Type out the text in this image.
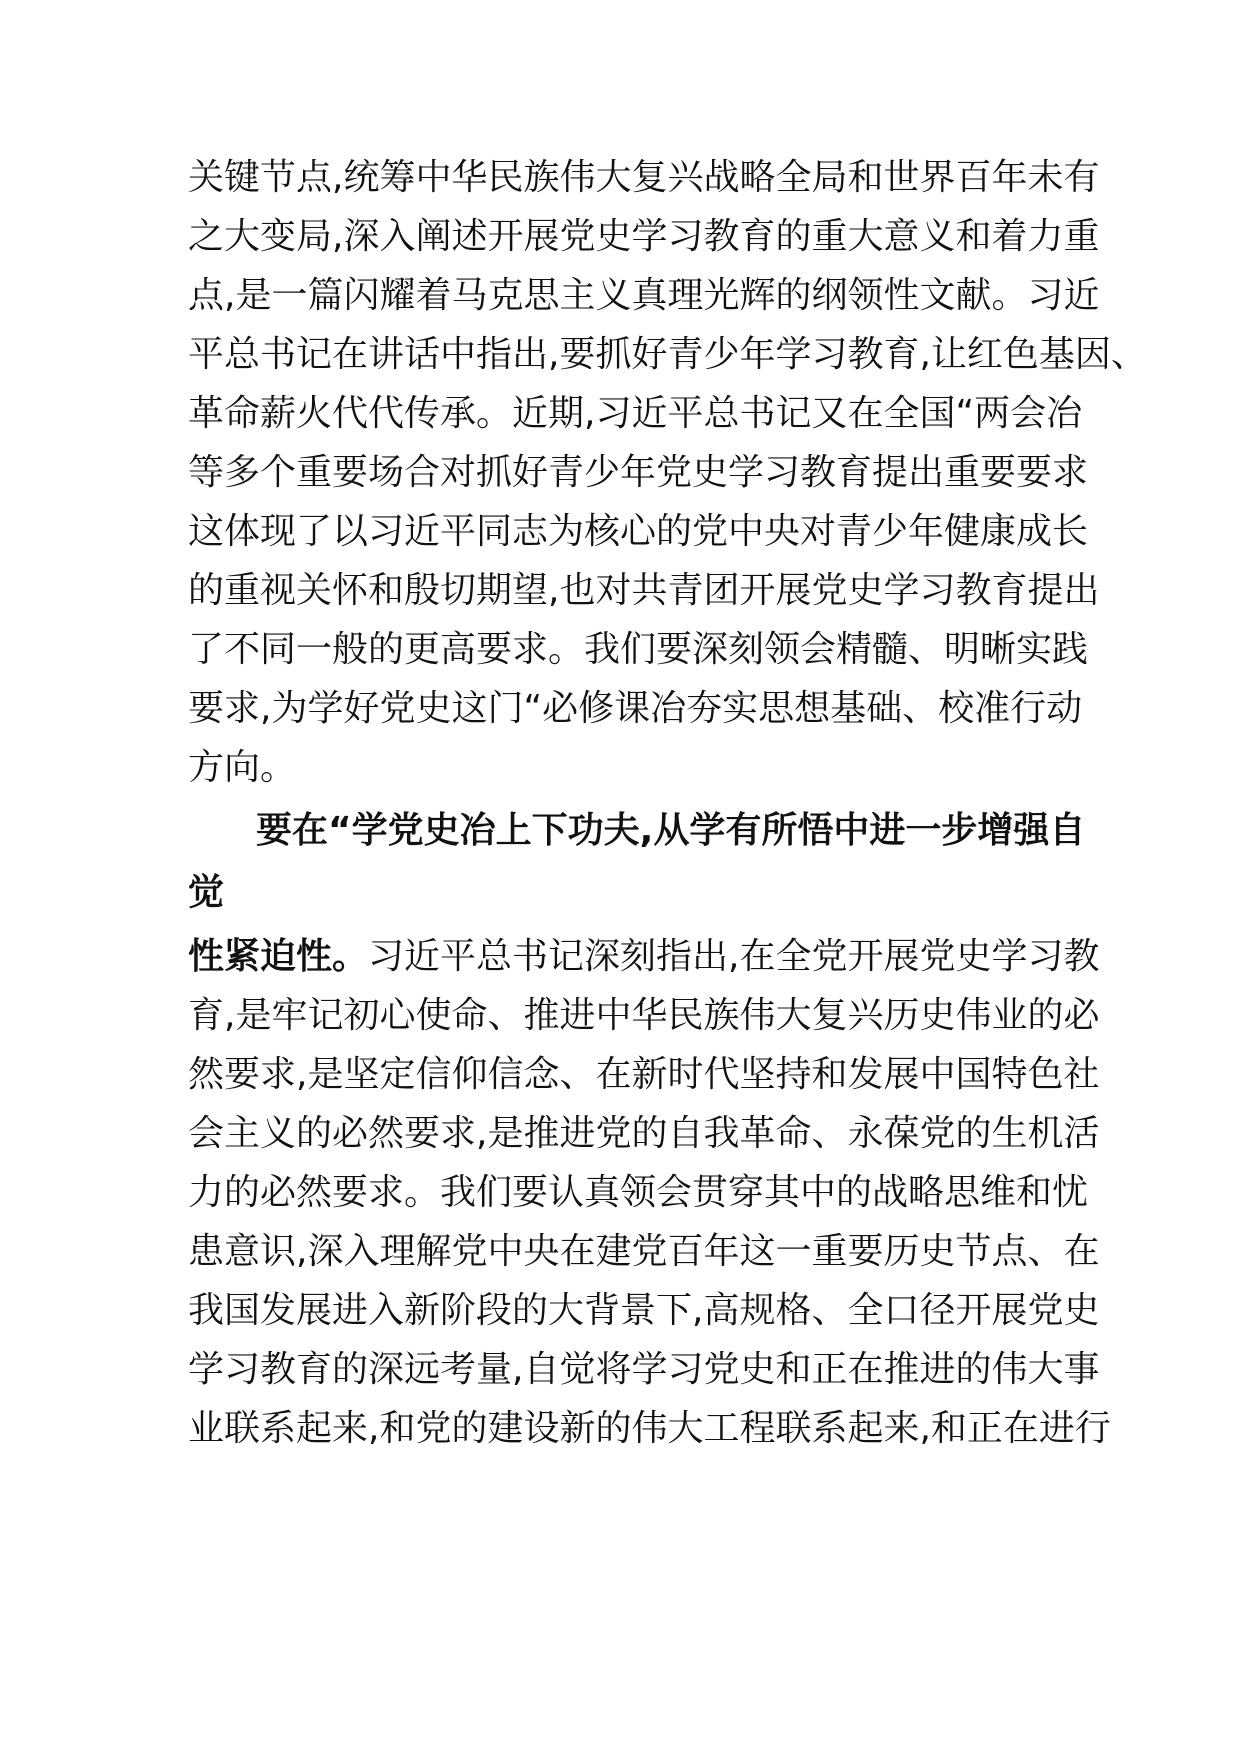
关键节点,统筹中华民族伟大复兴战略全局和世界百年未有
之大变局,深入阐述开展党史学习教育的重大意义和着力重
点,是一篇闪耀着马克思主义真理光辉的纲领性文献。习近
平总书记在讲话中指出,要抓好青少年学习教育,让红色基因、
革命薪火代代传承。近期,习近平总书记又在全国“两会冶
等多个重要场合对抓好青少年党史学习教育提出重要要求
这体现了以习近平同志为核心的党中央对青少年健康成长
的重视关怀和殷切期望,也对共青团开展党史学习教育提出
了不同一般的更高要求。我们要深刻领会精髓、明晰实践
要求,为学好党史这门“必修课冶夯实思想基础、校准行动
方向。
要在“学党史冶上下功夫,从学有所悟中进一步增强自
觉
性紧迫性。习近平总书记深刻指出,在全党开展党史学习教
育,是牢记初心使命、推进中华民族伟大复兴历史伟业的必
然要求,是坚定信仰信念、在新时代坚持和发展中国特色社
会主义的必然要求,是推进党的自我革命、永葆党的生机活
力的必然要求。我们要认真领会贯穿其中的战略思维和忧
患意识,深入理解党中央在建党百年这一重要历史节点、在
我国发展进入新阶段的大背景下,高规格、全口径开展党史
学习教育的深远考量,自觉将学习党史和正在推进的伟大事
业联系起来,和党的建设新的伟大工程联系起来,和正在进行
